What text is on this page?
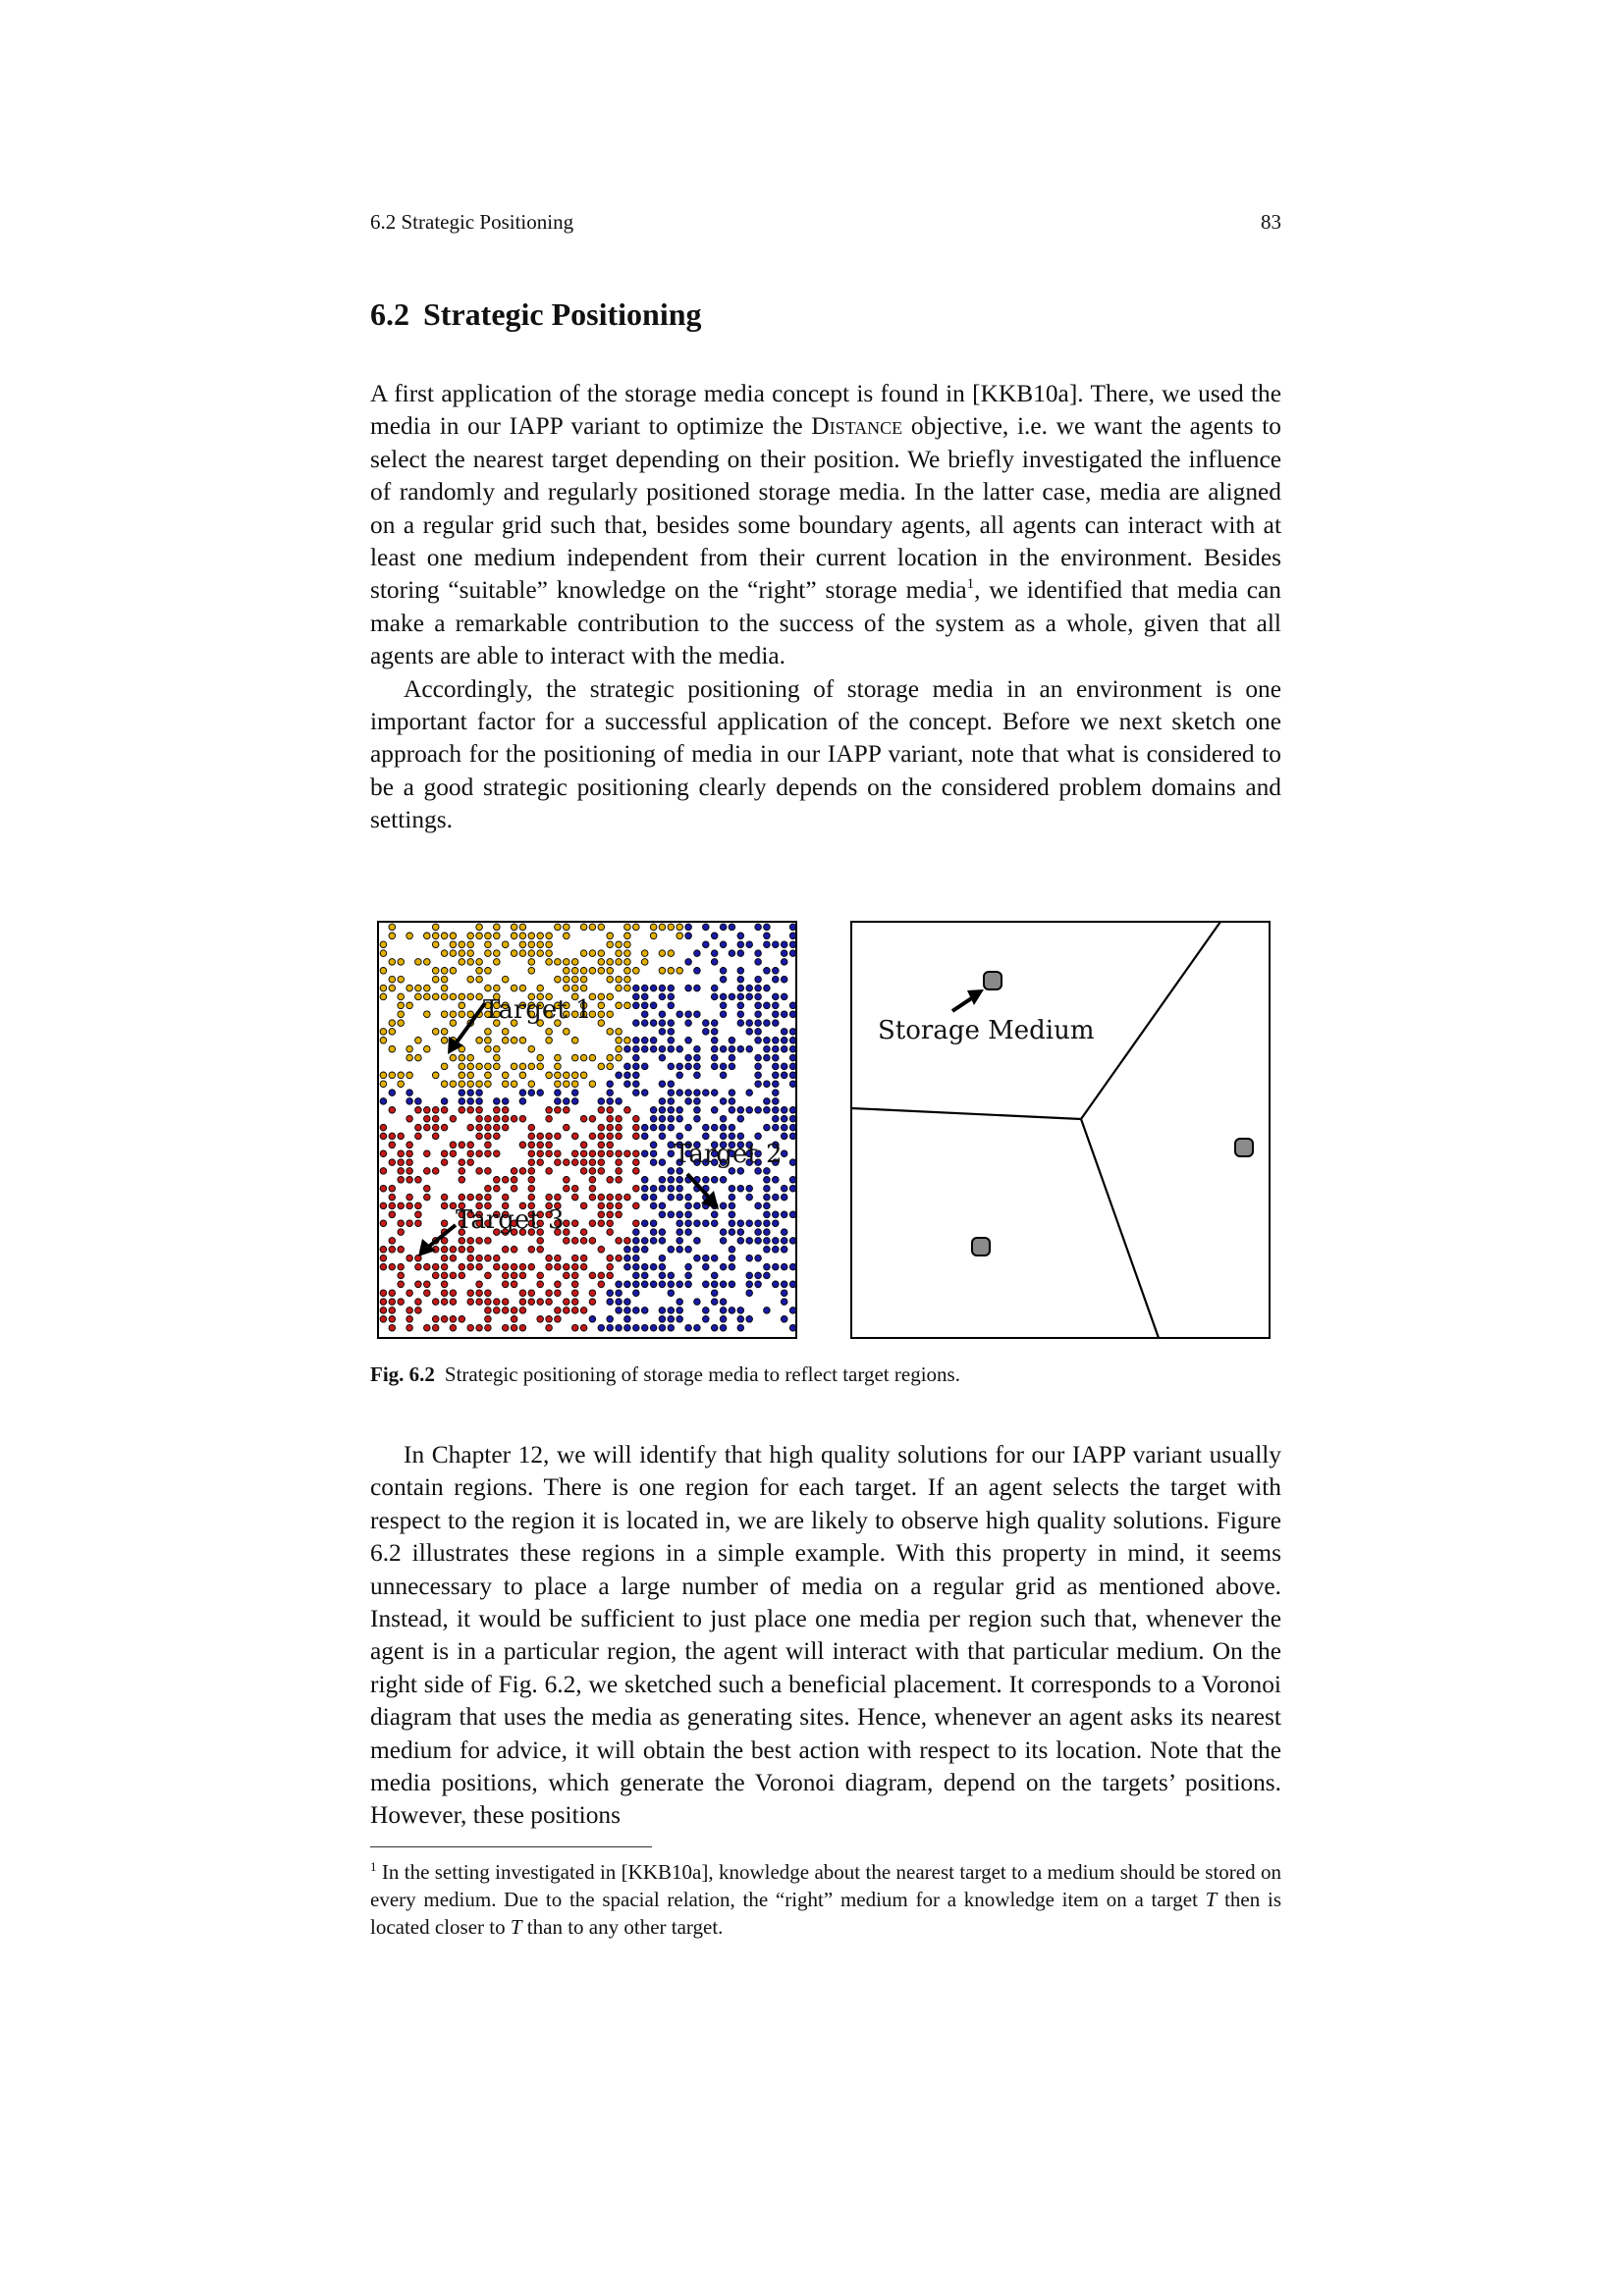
6.2 Strategic Positioning	83
6.2 Strategic Positioning

A first application of the storage media concept is found in [KKB10a]. There, we used the media in our IAPP variant to optimize the Distance objective, i.e. we want the agents to select the nearest target depending on their position. We briefly investigated the influence of randomly and regularly positioned storage media. In the latter case, media are aligned on a regular grid such that, besides some boundary agents, all agents can interact with at least one medium independent from their current location in the environment. Besides storing “suitable” knowledge on the “right” storage media$^1$, we identified that media can make a remarkable contribution to the success of the system as a whole, given that all agents are able to interact with the media.

Accordingly, the strategic positioning of storage media in an environment is one important factor for a successful application of the concept. Before we next sketch one approach for the positioning of media in our IAPP variant, note that what is considered to be a good strategic positioning clearly depends on the considered problem domains and settings.

Target 1
Target 2
Target 3
Storage Medium
Fig. 6.2 Strategic positioning of storage media to reflect target regions.

In Chapter 12, we will identify that high quality solutions for our IAPP variant usually contain regions. There is one region for each target. If an agent selects the target with respect to the region it is located in, we are likely to observe high quality solutions. Figure 6.2 illustrates these regions in a simple example. With this property in mind, it seems unnecessary to place a large number of media on a regular grid as mentioned above. Instead, it would be sufficient to just place one media per region such that, whenever the agent is in a particular region, the agent will interact with that particular medium. On the right side of Fig. 6.2, we sketched such a beneficial placement. It corresponds to a Voronoi diagram that uses the media as generating sites. Hence, whenever an agent asks its nearest medium for advice, it will obtain the best action with respect to its location. Note that the media positions, which generate the Voronoi diagram, depend on the targets’ positions. However, these positions

$^1$ In the setting investigated in [KKB10a], knowledge about the nearest target to a medium should be stored on every medium. Due to the spacial relation, the “right” medium for a knowledge item on a target T then is located closer to T than to any other target.
